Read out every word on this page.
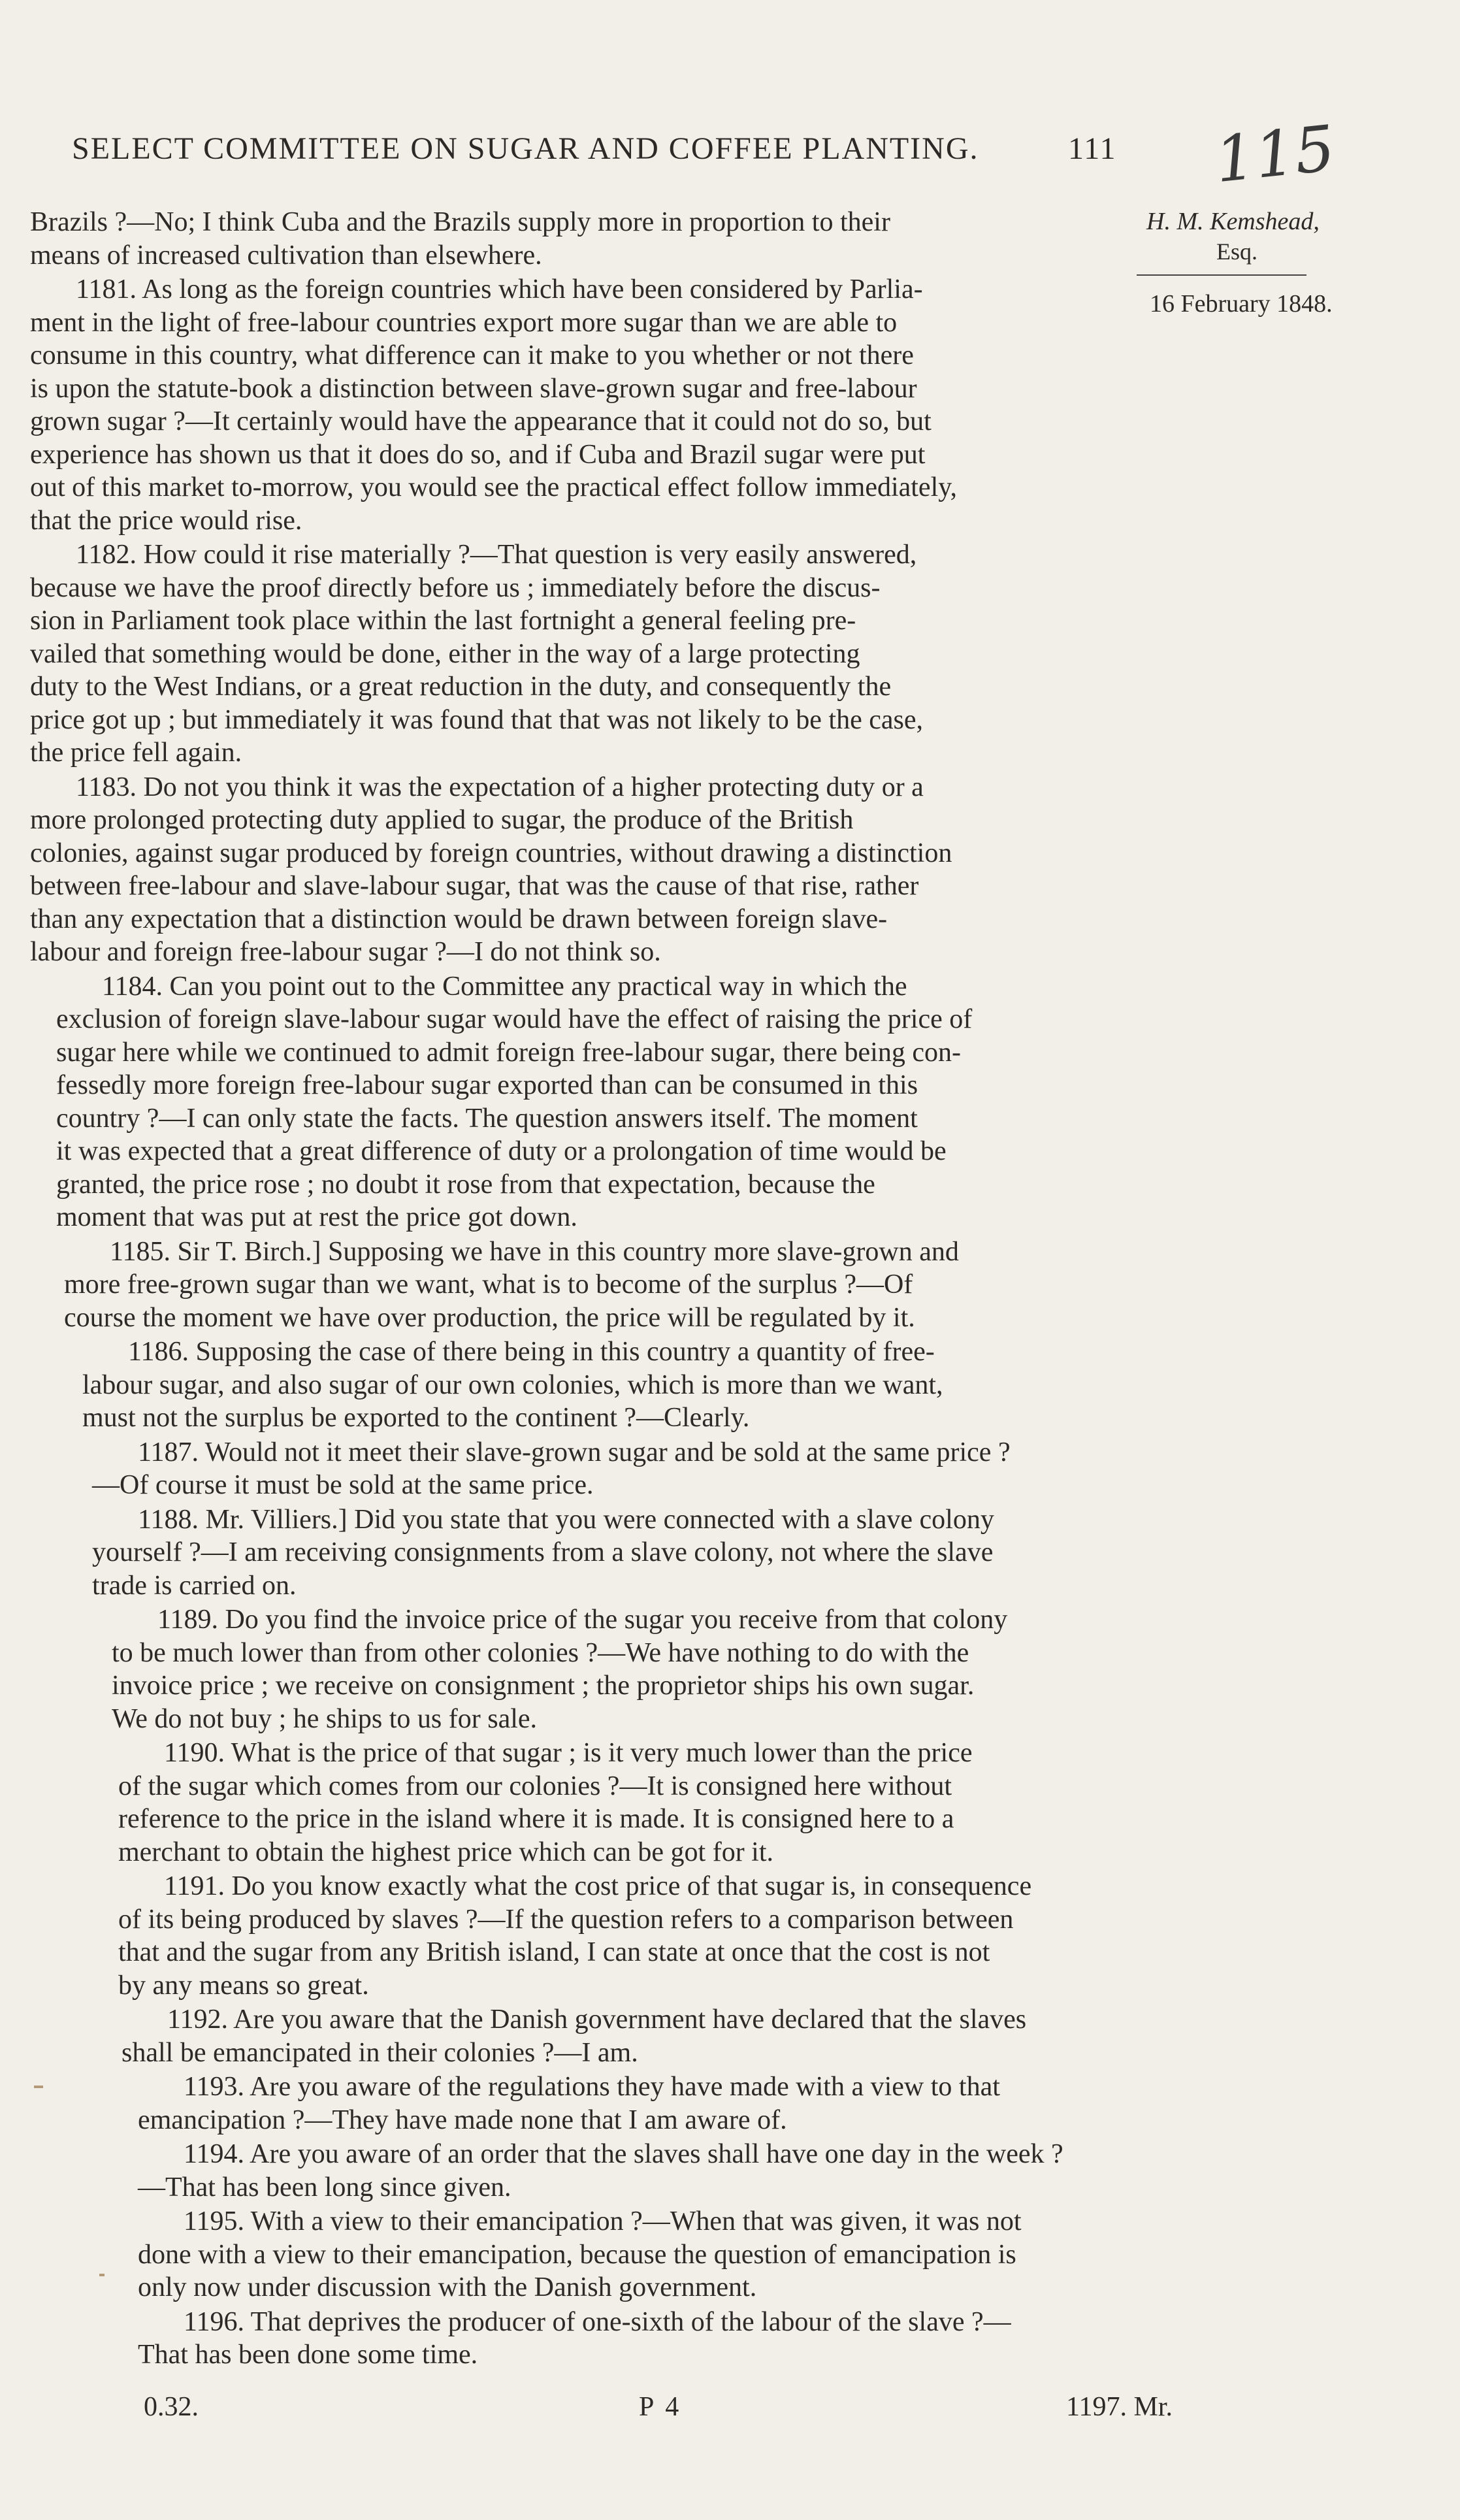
SELECT COMMITTEE ON SUGAR AND COFFEE PLANTING.	111 115
H. M. Kemshead,
Esq.
16 February 1848.
Brazils ?—No; I think Cuba and the Brazils supply more in proportion to their
means of increased cultivation than elsewhere.
1181. As long as the foreign countries which have been considered by Parlia-
ment in the light of free-labour countries export more sugar than we are able to
consume in this country, what difference can it make to you whether or not there
is upon the statute-book a distinction between slave-grown sugar and free-labour
grown sugar ?—It certainly would have the appearance that it could not do so, but
experience has shown us that it does do so, and if Cuba and Brazil sugar were put
out of this market to-morrow, you would see the practical effect follow immediately,
that the price would rise.
1182. How could it rise materially ?—That question is very easily answered,
because we have the proof directly before us ; immediately before the discus-
sion in Parliament took place within the last fortnight a general feeling pre-
vailed that something would be done, either in the way of a large protecting
duty to the West Indians, or a great reduction in the duty, and consequently the
price got up ; but immediately it was found that that was not likely to be the case,
the price fell again.
1183. Do not you think it was the expectation of a higher protecting duty or a
more prolonged protecting duty applied to sugar, the produce of the British
colonies, against sugar produced by foreign countries, without drawing a distinction
between free-labour and slave-labour sugar, that was the cause of that rise, rather
than any expectation that a distinction would be drawn between foreign slave-
labour and foreign free-labour sugar ?—I do not think so.
1184. Can you point out to the Committee any practical way in which the
exclusion of foreign slave-labour sugar would have the effect of raising the price of
sugar here while we continued to admit foreign free-labour sugar, there being con-
fessedly more foreign free-labour sugar exported than can be consumed in this
country ?—I can only state the facts. The question answers itself. The moment
it was expected that a great difference of duty or a prolongation of time would be
granted, the price rose ; no doubt it rose from that expectation, because the
moment that was put at rest the price got down.
1185. Sir T. Birch.] Supposing we have in this country more slave-grown and
more free-grown sugar than we want, what is to become of the surplus ?—Of
course the moment we have over production, the price will be regulated by it.
1186. Supposing the case of there being in this country a quantity of free-
labour sugar, and also sugar of our own colonies, which is more than we want,
must not the surplus be exported to the continent ?—Clearly.
1187. Would not it meet their slave-grown sugar and be sold at the same price ?
—Of course it must be sold at the same price.
1188. Mr. Villiers.] Did you state that you were connected with a slave colony
yourself ?—I am receiving consignments from a slave colony, not where the slave
trade is carried on.
1189. Do you find the invoice price of the sugar you receive from that colony
to be much lower than from other colonies ?—We have nothing to do with the
invoice price ; we receive on consignment ; the proprietor ships his own sugar.
We do not buy ; he ships to us for sale.
1190. What is the price of that sugar ; is it very much lower than the price
of the sugar which comes from our colonies ?—It is consigned here without
reference to the price in the island where it is made. It is consigned here to a
merchant to obtain the highest price which can be got for it.
1191. Do you know exactly what the cost price of that sugar is, in consequence
of its being produced by slaves ?—If the question refers to a comparison between
that and the sugar from any British island, I can state at once that the cost is not
by any means so great.
1192. Are you aware that the Danish government have declared that the slaves
shall be emancipated in their colonies ?—I am.
1193. Are you aware of the regulations they have made with a view to that
emancipation ?—They have made none that I am aware of.
1194. Are you aware of an order that the slaves shall have one day in the week ?
—That has been long since given.
1195. With a view to their emancipation ?—When that was given, it was not
done with a view to their emancipation, because the question of emancipation is
only now under discussion with the Danish government.
1196. That deprives the producer of one-sixth of the labour of the slave ?—
That has been done some time.
0.32.	P 4	1197. Mr.
